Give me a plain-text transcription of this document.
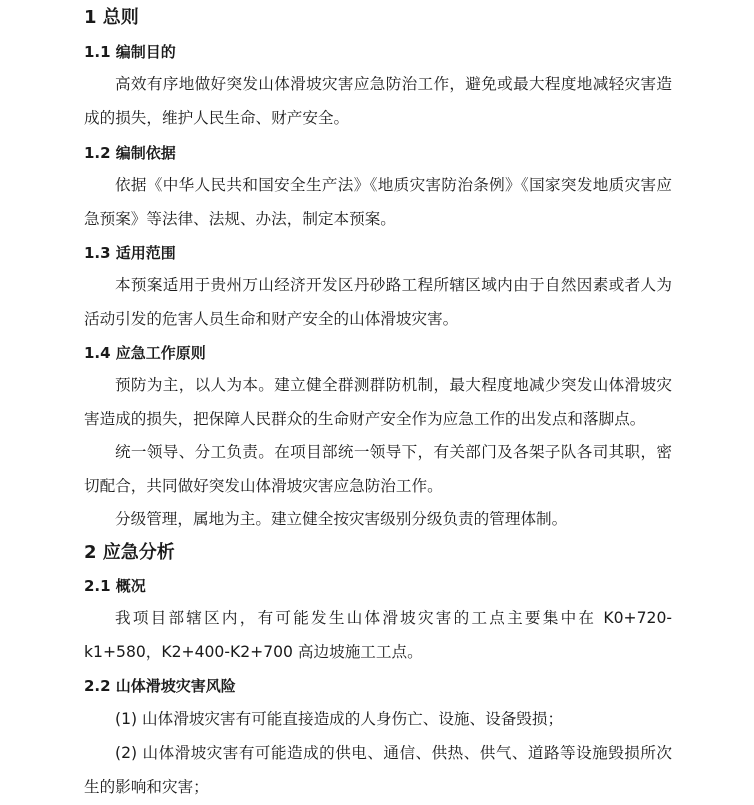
1 总则
1.1 编制目的

高效有序地做好突发山体滑坡灾害应急防治工作，避免或最大程度地减轻灾害造成的损失，维护人民生命、财产安全。

1.2 编制依据

依据《中华人民共和国安全生产法》《地质灾害防治条例》《国家突发地质灾害应急预案》等法律、法规、办法，制定本预案。

1.3 适用范围

本预案适用于贵州万山经济开发区丹砂路工程所辖区域内由于自然因素或者人为活动引发的危害人员生命和财产安全的山体滑坡灾害。

1.4 应急工作原则

预防为主，以人为本。建立健全群测群防机制，最大程度地减少突发山体滑坡灾害造成的损失，把保障人民群众的生命财产安全作为应急工作的出发点和落脚点。

统一领导、分工负责。在项目部统一领导下，有关部门及各架子队各司其职，密切配合，共同做好突发山体滑坡灾害应急防治工作。

分级管理，属地为主。建立健全按灾害级别分级负责的管理体制。

2 应急分析
2.1 概况

我项目部辖区内，有可能发生山体滑坡灾害的工点主要集中在 K0+720-k1+580，K2+400-K2+700 高边坡施工工点。

2.2 山体滑坡灾害风险

(1) 山体滑坡灾害有可能直接造成的人身伤亡、设施、设备毁损；

(2) 山体滑坡灾害有可能造成的供电、通信、供热、供气、道路等设施毁损所次生的影响和灾害；
